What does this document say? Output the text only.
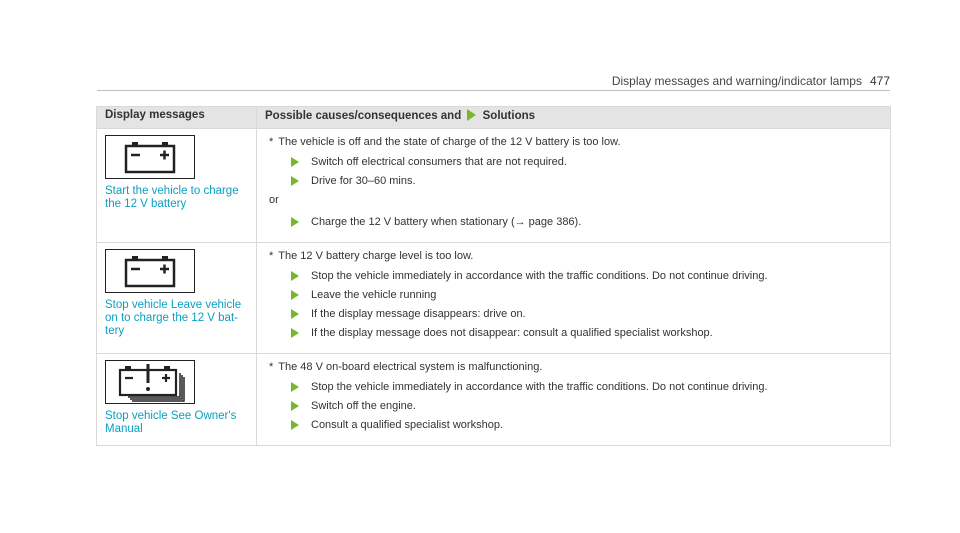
Display messages and warning/indicator lamps 477
Display messages	Possible causes/consequences and Solutions

Start the vehicle to charge the 12 V battery	* The vehicle is off and the state of charge of the 12 V battery is too low.
Switch off electrical consumers that are not required.
Drive for 30–60 mins.
or
Charge the 12 V battery when stationary (→ page 386).

Stop vehicle Leave vehicle on to charge the 12 V bat- tery	* The 12 V battery charge level is too low.
Stop the vehicle immediately in accordance with the traffic conditions. Do not continue driving.
Leave the vehicle running
If the display message disappears: drive on.
If the display message does not disappear: consult a qualified specialist workshop.

Stop vehicle See Owner's Manual	* The 48 V on-board electrical system is malfunctioning.
Stop the vehicle immediately in accordance with the traffic conditions. Do not continue driving.
Switch off the engine.
Consult a qualified specialist workshop.
